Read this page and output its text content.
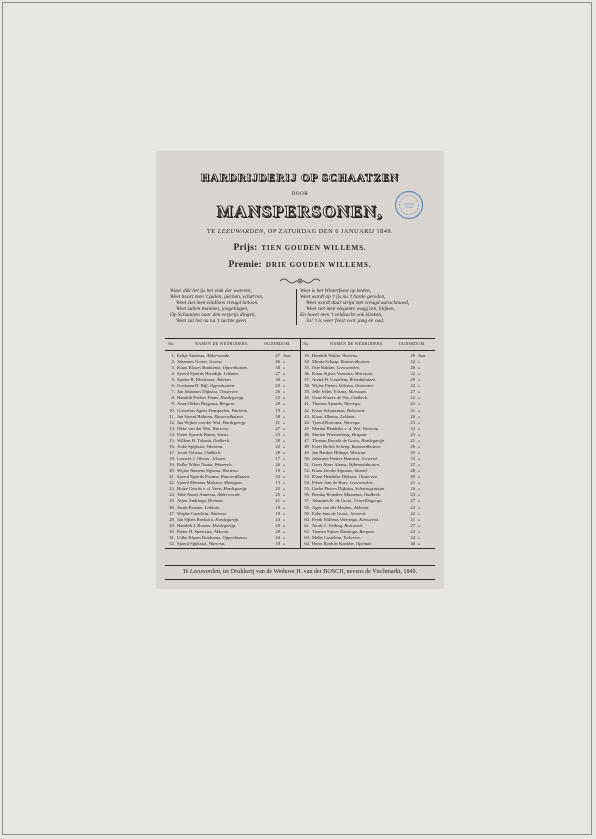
HARDRIJDERIJ OP SCHAATZEN
DOOR
MANSPERSONEN,
TE LEEUWARDEN, OP ZATURDAG DEN 6 JANUARIJ 1849.
Prijs: TIEN GOUDEN WILLEMS.
Premie: DRIE GOUDEN WILLEMS.
Waar dikt het ijs het vlak der wateren,
Weet hoort men 't juilen, juichen, schat'ren,
Weet ziet men eindloos vreugd betoon.
Weet zullen mannen, jongelingen,
Op Schaatzen naar den eerprijs dingen,
Weet zal het na nu 't zachte geen
Weet is het Winterfeest op heden,
Weet wordt op 't ijs nu 't harde gereden,
Weet wordt daar strijd met vreugd aanschouwd,
Weet ziet men elegante wagg'ren, blijken,
En hoort men 't veldzucht ook klinken,
Ja! 't is weer feest voor jong en oud.
No.	NAMEN DE WEDRIJDERS.	OUDERDOM.	No.	NAMEN DE WEDRIJDERS.	OUDERDOM.
1. Eeltje Annema, Akkerwoude.	27 Jaar.
2. Johannes Gorter, Grouw.	26 »
3. Klaas Klazes Brinkema, Oppenhuizen.	30 »
4. Sjoerd Sjoerds Hamdijk, Lekkum.	27 »
5. Sjoeke R. Bleeksma, Akkrum.	30 »
6. Gooitzen H. Bijl, Oppenhuizen.	23 »
7. Jan Johannes Dijkstra, Oosterzee.	26 »
8. Hendrik Foekes Dams, Hardegarijp.	23 »
9. Anne Okkes Bergsma, Bergum.	28 »
10. Gosselius Agees Dompselen, Wartena.	19 »
11. Jan Sjoerd Bulman, Rauwerdhuizen.	38 »
12. Jan Wijkes van der Wal, Hardegarijp.	21 »
13. Okke van der Wal, Wartena.	27 »
14. Pieter Sjoerds Buma, Stiens.	23 »
15. Willem H. Tolsma, Oudkerk.	28 »
16. Auke Spijkstra, Wartena.	22 »
17. Jacob Tolsma, Oudkerk.	28 »
18. Louwes J. Olivier, Jelsum.	17 »
19. Eelke Wibes Nauta, Wommels.	26 »
20. Wijtse Namens Sijtsma, Wartena.	19 »
21. Sjoerd Sjoerds Postma, Rauwerdhuizen.	33 »
22. Sjoerd Meinses Mulsma, Mantgum.	13 »
23. Hotze Gerrits v. d. Veen, Hardegarijp.	25 »
24. Tabe Annes Annema, Akkerwoude.	25 »
25. Arjen Andringa, Deinum.	21 »
26. Jacob Kramer, Lekkum.	19 »
27. Wopke Castelein, Wartena.	19 »
28. Jan Sijbes Boekstra, Hardegarijp.	24 »
29. Hendrik J. Bosma, Hardegarijp.	29 »
30. Pieter H. Speerstra, Akkrum.	28 »
31. Uilke Klazes Brinkema, Oppenhuizen.	24 »
32. Sjoerd Spijkstra, Wartena.	18 »
33. Hendrik Walda, Wartena.	28 Jaar.
34. Minne Schaap, Rauwerdhuizen.	22 »
35. Otte Bakker, Leeuwarden.	26 »
36. Klaas Sijtses Veenstra, Marssum.	32 »
37. Arend H. Castelein, Roordahuizen.	20 »
38. Wijtse Pieters Jellema, Oosterzee.	24 »
39. Jelle Jelles Tolsma, Marssum.	27 »
40. Onne Klazes de Vos, Oudkerk.	21 »
41. Thomas Sjaarda, Warrega.	21 »
42. Klaas Schuurman, Bolsward.	31 »
43. Klaas Alkema, Lekkum.	26 »
44. Tjeerd Boersma, Warrega.	23 »
45. Marten Hendriks v. d. Wal, Wartena.	32 »
46. Marten Wiersenberg, Bergum.	23 »
47. Thomas Roorda de Groot, Hardegarijp.	21 »
48. Evert Boltes Scheep, Rauwerdhuizen.	26 »
49. Jan Baukes Hilinga, Wartena.	29 »
50. Johannes Pieters Hamstra, Jorwerd.	33 »
51. Geert Atses Alema, Sijbrandahuizen.	37 »
52. Klaas Jacobs Sijmons, Idaard.	28 »
53. Klaas Hendriks Dijkstra, Oosterzee.	40 »
54. Pieter Jans de Boer, Leeuwarden.	21 »
55. Gerke Pieters Dijkstra, Scharnegoutum.	26 »
56. Rienko Reinders Minnema, Oudkerk.	24 »
57. Johannes R. de Groot, Uitwellingerga.	27 »
58. Ages van der Meulen, Akkrum.	22 »
59. Eebe Jans de Groot, Jorwerd.	22 »
60. Feerk Willems Wieringa, Kimswerd.	21 »
61. Jacob C. Felling, Bolsward.	27 »
62. Tiemen Sijtses Dantinga, Bergum.	22 »
63. Melle Castelein, Terhorne.	24 »
64. Harm Roelofs Knobbe, Opeinde.	40 »
Te Leeuwarden, ter Drukkerij van de Weduwe H. van der BOSCH, nevens de Vischmarkt, 1849.
